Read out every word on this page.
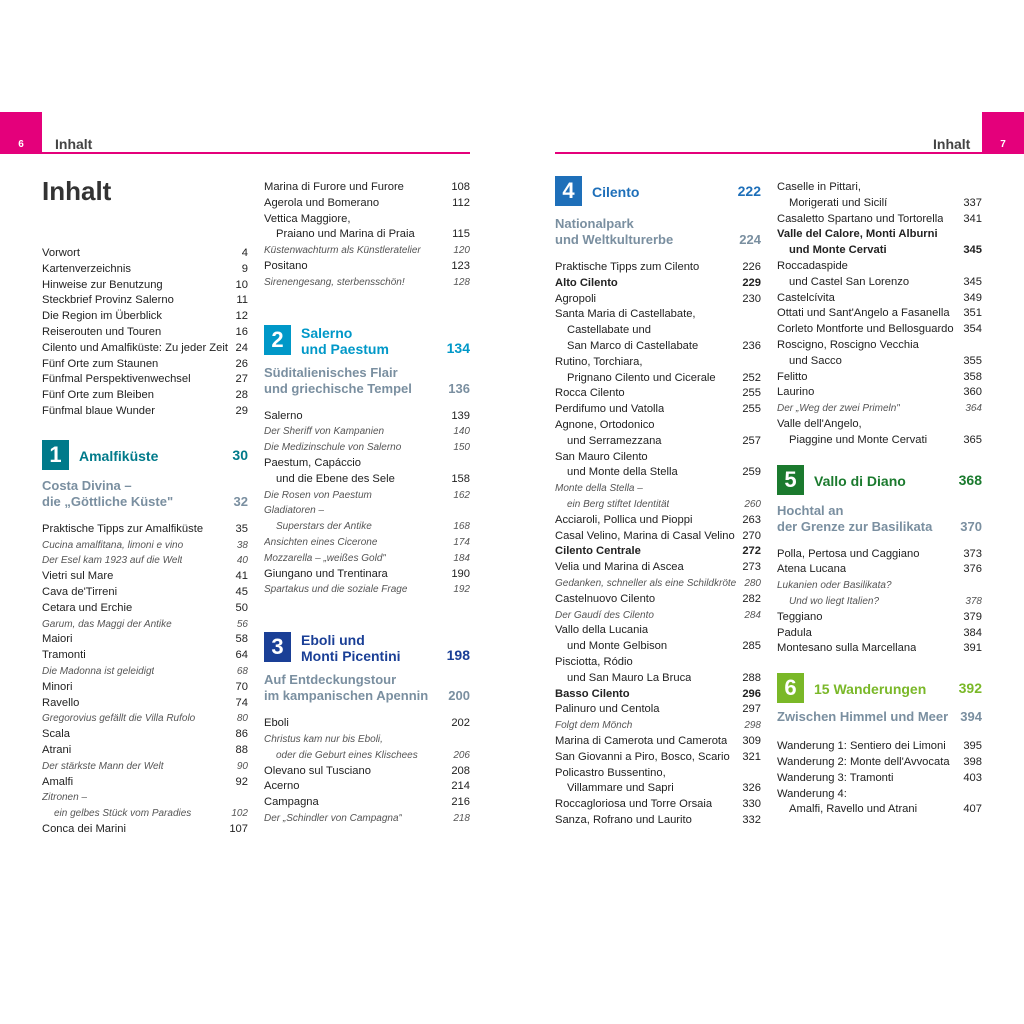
6 Inhalt	7
Inhalt
Inhalt
Vorwort	4
Kartenverzeichnis	9
Hinweise zur Benutzung	10
Steckbrief Provinz Salerno	11
Die Region im Überblick	12
Reiserouten und Touren	16
Cilento und Amalfiküste: Zu jeder Zeit 24
Fünf Orte zum Staunen	26
Fünfmal Perspektivenwechsel	27
Fünf Orte zum Bleiben	28
Fünfmal blaue Wunder	29
1	Amalfiküste	30
Costa Divina –
die „Göttliche Küste"	32
Praktische Tipps zur Amalfiküste	35
Cucina amalfitana, limoni e vino	38
Der Esel kam 1923 auf die Welt	40
Vietri sul Mare	41
Cava de'Tirreni	45
Cetara und Erchie	50
Garum, das Maggi der Antike	56
Maiori	58
Tramonti	64
Die Madonna ist geleidigt	68
Minori	70
Ravello	74
Gregorovius gefällt die Villa Rufolo	80
Scala	86
Atrani	88
Der stärkste Mann der Welt	90
Amalfi	92
Zitronen –
ein gelbes Stück vom Paradies	102
Conca dei Marini	107
Marina di Furore und Furore	108
Agerola und Bomerano	112
Vettica Maggiore,
Praiano und Marina di Praia	115
Küstenwachturm als Künstleratelier	120
Positano	123
Sirenengesang, sterbensschön!	128
2	Salerno
und Paestum	134
Süditalienisches Flair
und griechische Tempel	136
Salerno	139
Der Sheriff von Kampanien	140
Die Medizinschule von Salerno	150
Paestum, Capáccio
und die Ebene des Sele	158
Die Rosen von Paestum	162
Gladiatoren –
Superstars der Antike	168
Ansichten eines Cicerone	174
Mozzarella – „weißes Gold"	184
Giungano und Trentinara	190
Spartakus und die soziale Frage	192
3	Eboli und
Monti Picentini	198
Auf Entdeckungstour
im kampanischen Apennin 200
Eboli	202
Christus kam nur bis Eboli,
oder die Geburt eines Klischees	206
Olevano sul Tusciano	208
Acerno	214
Campagna	216
Der „Schindler von Campagna"	218
4	Cilento	222
Nationalpark
und Weltkulturerbe	224
Praktische Tipps zum Cilento	226
Alto Cilento	229
Agropoli	230
Santa Maria di Castellabate,
Castellabate und
San Marco di Castellabate	236
Rutino, Torchiara,
Prignano Cilento und Cicerale	252
Rocca Cilento	255
Perdifumo und Vatolla	255
Agnone, Ortodonico
und Serramezzana	257
San Mauro Cilento
und Monte della Stella	259
Monte della Stella –
ein Berg stiftet Identität	260
Acciaroli, Pollica und Pioppi	263
Casal Velino, Marina di Casal Velino 270
Cilento Centrale	272
Velia und Marina di Ascea	273
Gedanken, schneller als eine Schildkröte 280
Castelnuovo Cilento	282
Der Gaudí des Cilento	284
Vallo della Lucania
und Monte Gelbison	285
Pisciotta, Ródio
und San Mauro La Bruca	288
Basso Cilento	296
Palinuro und Centola	297
Folgt dem Mönch	298
Marina di Camerota und Camerota	309
San Giovanni a Piro, Bosco, Scario	321
Policastro Bussentino,
Villammare und Sapri	326
Roccagloriosa und Torre Orsaia	330
Sanza, Rofrano und Laurito	332
Caselle in Pittari,
Morigerati und Sicilí	337
Casaletto Spartano und Tortorella	341
Valle del Calore, Monti Alburni
und Monte Cervati	345
Roccadaspide
und Castel San Lorenzo	345
Castelcívita	349
Ottati und Sant'Angelo a Fasanella	351
Corleto Montforte und Bellosguardo 354
Roscigno, Roscigno Vecchia
und Sacco	355
Felitto	358
Laurino	360
Der „Weg der zwei Primeln"	364
Valle dell'Angelo,
Piaggine und Monte Cervati	365
5	Vallo di Diano	368
Hochtal an
der Grenze zur Basilikata 370
Polla, Pertosa und Caggiano	373
Atena Lucana	376
Lukanien oder Basilikata?
Und wo liegt Italien?	378
Teggiano	379
Padula	384
Montesano sulla Marcellana	391
6	15 Wanderungen	392
Zwischen Himmel und Meer 394
Wanderung 1: Sentiero dei Limoni	395
Wanderung 2: Monte dell'Avvocata	398
Wanderung 3: Tramonti	403
Wanderung 4:
Amalfi, Ravello und Atrani	407
